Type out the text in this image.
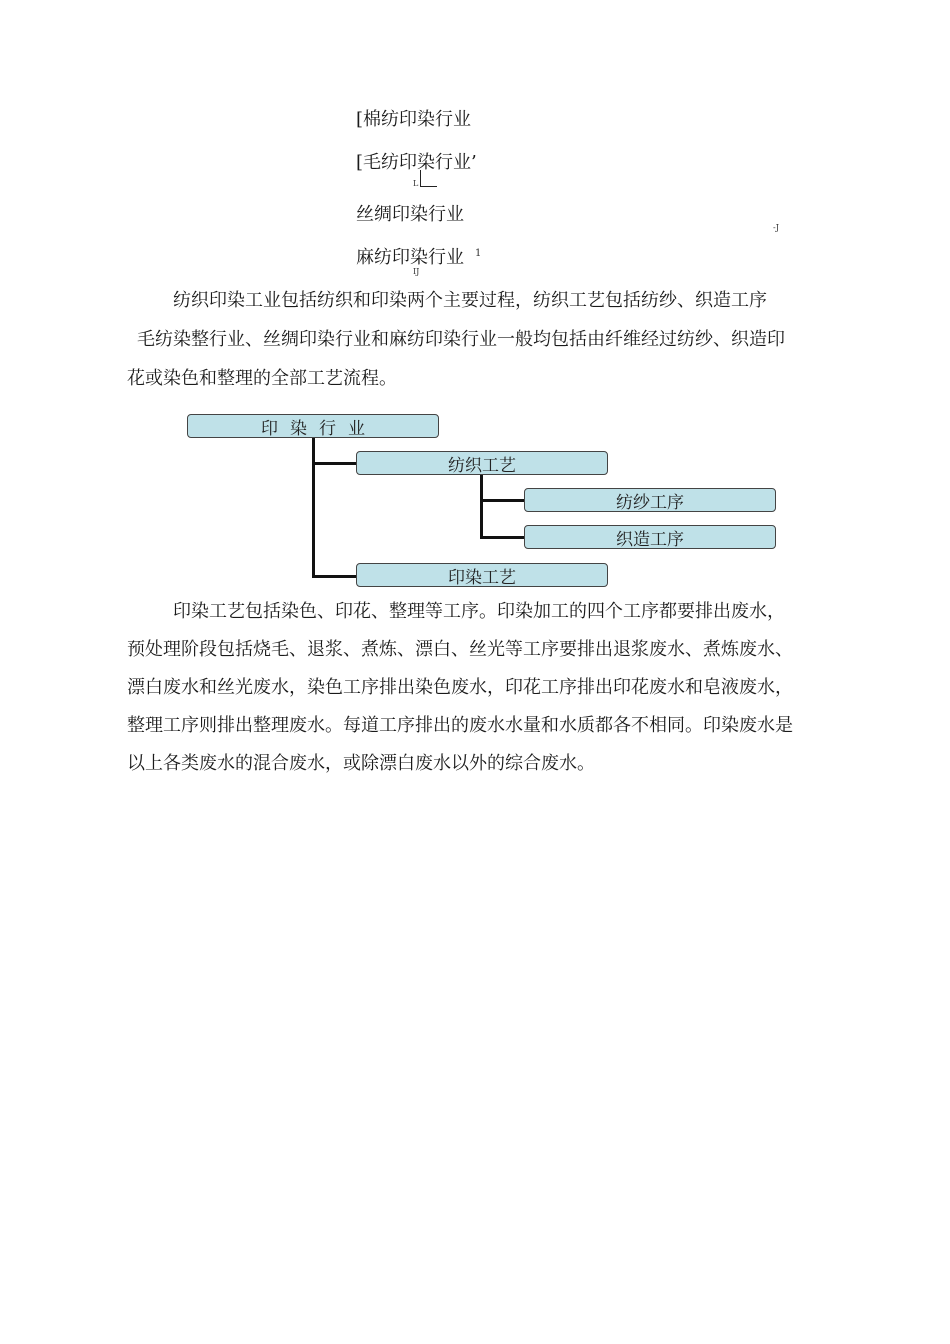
[棉纺印染行业
[毛纺印染行业’
L
丝绸印染行业
-J
麻纺印染行业 1
IJ
纺织印染工业包括纺织和印染两个主要过程，纺织工艺包括纺纱、织造工序
毛纺染整行业、丝绸印染行业和麻纺印染行业一般均包括由纤维经过纺纱、织造印
花或染色和整理的全部工艺流程。
印染行业
纺织工艺
纺纱工序
织造工序
印染工艺
印染工艺包括染色、印花、整理等工序。印染加工的四个工序都要排出废水，
预处理阶段包括烧毛、退浆、煮炼、漂白、丝光等工序要排出退浆废水、煮炼废水、
漂白废水和丝光废水，染色工序排出染色废水，印花工序排出印花废水和皂液废水，
整理工序则排出整理废水。每道工序排出的废水水量和水质都各不相同。印染废水是
以上各类废水的混合废水，或除漂白废水以外的综合废水。
